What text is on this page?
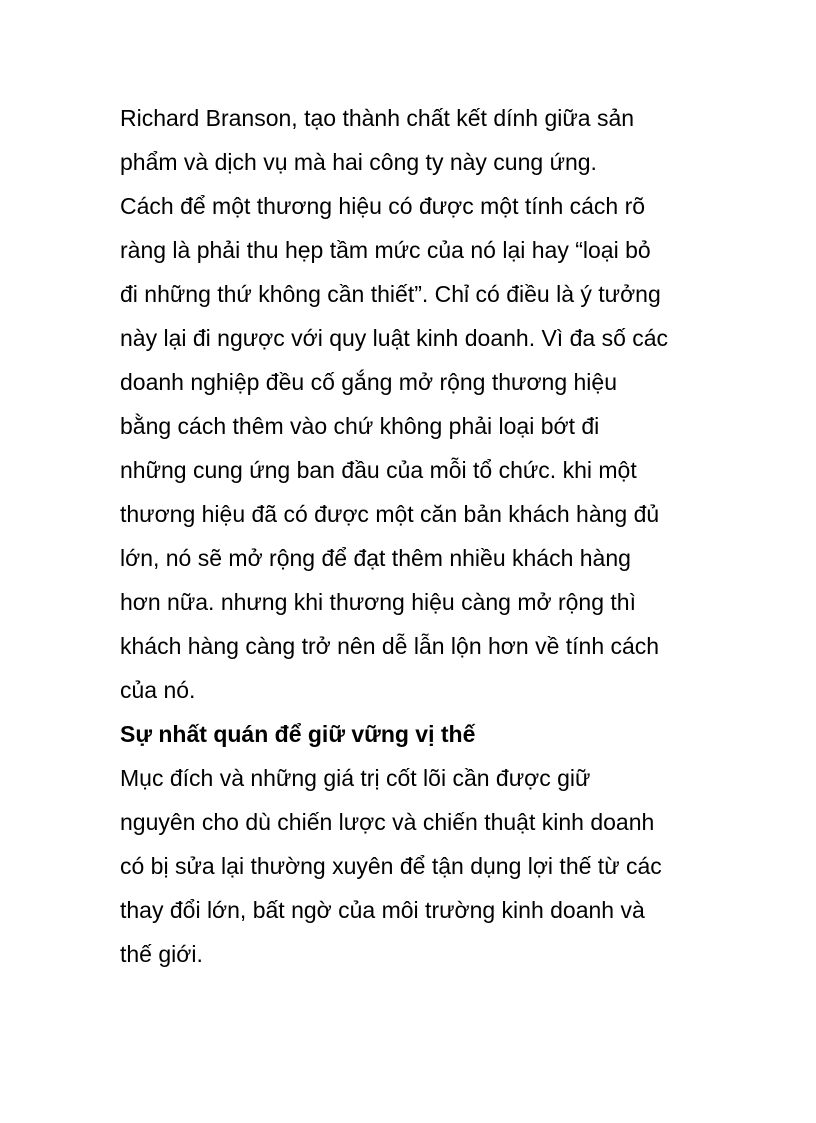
Richard Branson, tạo thành chất kết dính giữa sản
phẩm và dịch vụ mà hai công ty này cung ứng.

Cách để một thương hiệu có được một tính cách rõ
ràng là phải thu hẹp tầm mức của nó lại hay “loại bỏ
đi những thứ không cần thiết”. Chỉ có điều là ý tưởng
này lại đi ngược với quy luật kinh doanh. Vì đa số các
doanh nghiệp đều cố gắng mở rộng thương hiệu
bằng cách thêm vào chứ không phải loại bớt đi
những cung ứng ban đầu của mỗi tổ chức. khi một
thương hiệu đã có được một căn bản khách hàng đủ
lớn, nó sẽ mở rộng để đạt thêm nhiều khách hàng
hơn nữa. nhưng khi thương hiệu càng mở rộng thì
khách hàng càng trở nên dễ lẫn lộn hơn về tính cách
của nó.

Sự nhất quán để giữ vững vị thế

Mục đích và những giá trị cốt lõi cần được giữ
nguyên cho dù chiến lược và chiến thuật kinh doanh
có bị sửa lại thường xuyên để tận dụng lợi thế từ các
thay đổi lớn, bất ngờ của môi trường kinh doanh và
thế giới.
